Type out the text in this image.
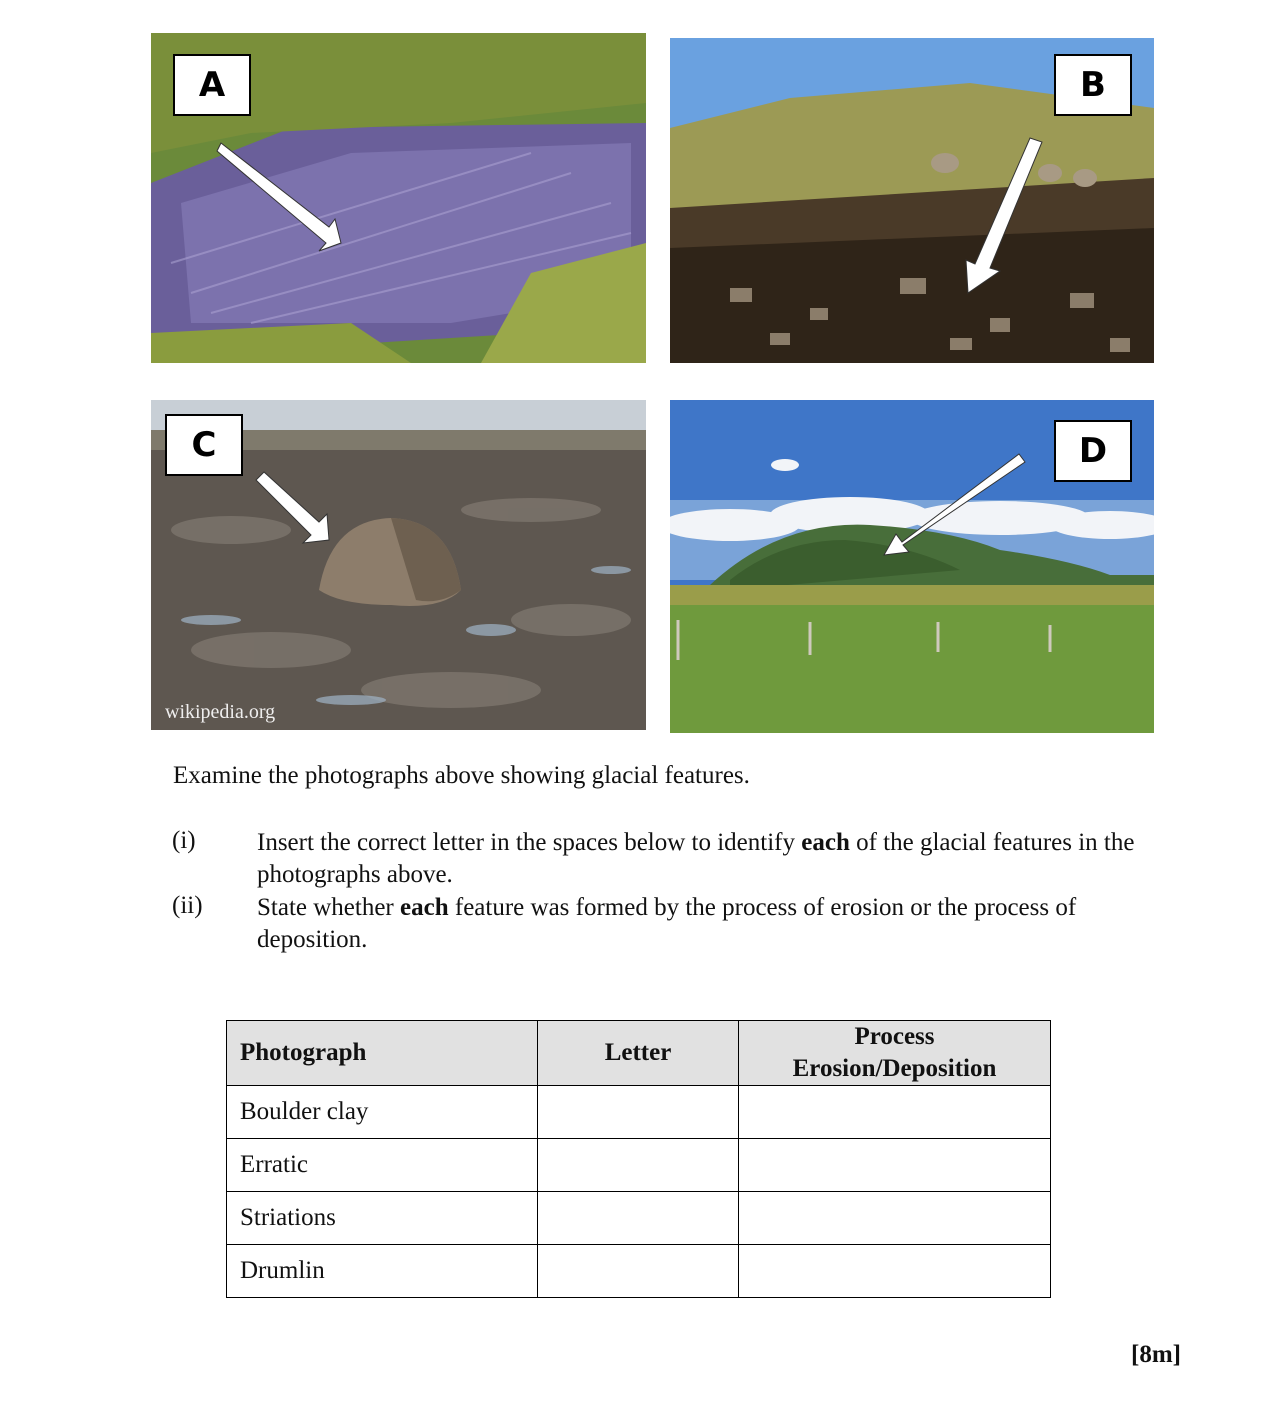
A	B
C
wikipedia.org
D

Examine the photographs above showing glacial features.

(i) Insert the correct letter in the spaces below to identify each of the glacial features in the photographs above.

(ii) State whether each feature was formed by the process of erosion or the process of deposition.

Photograph	Letter	Process
Erosion/Deposition
Boulder clay		
Erratic		
Striations		
Drumlin		
[8m]
